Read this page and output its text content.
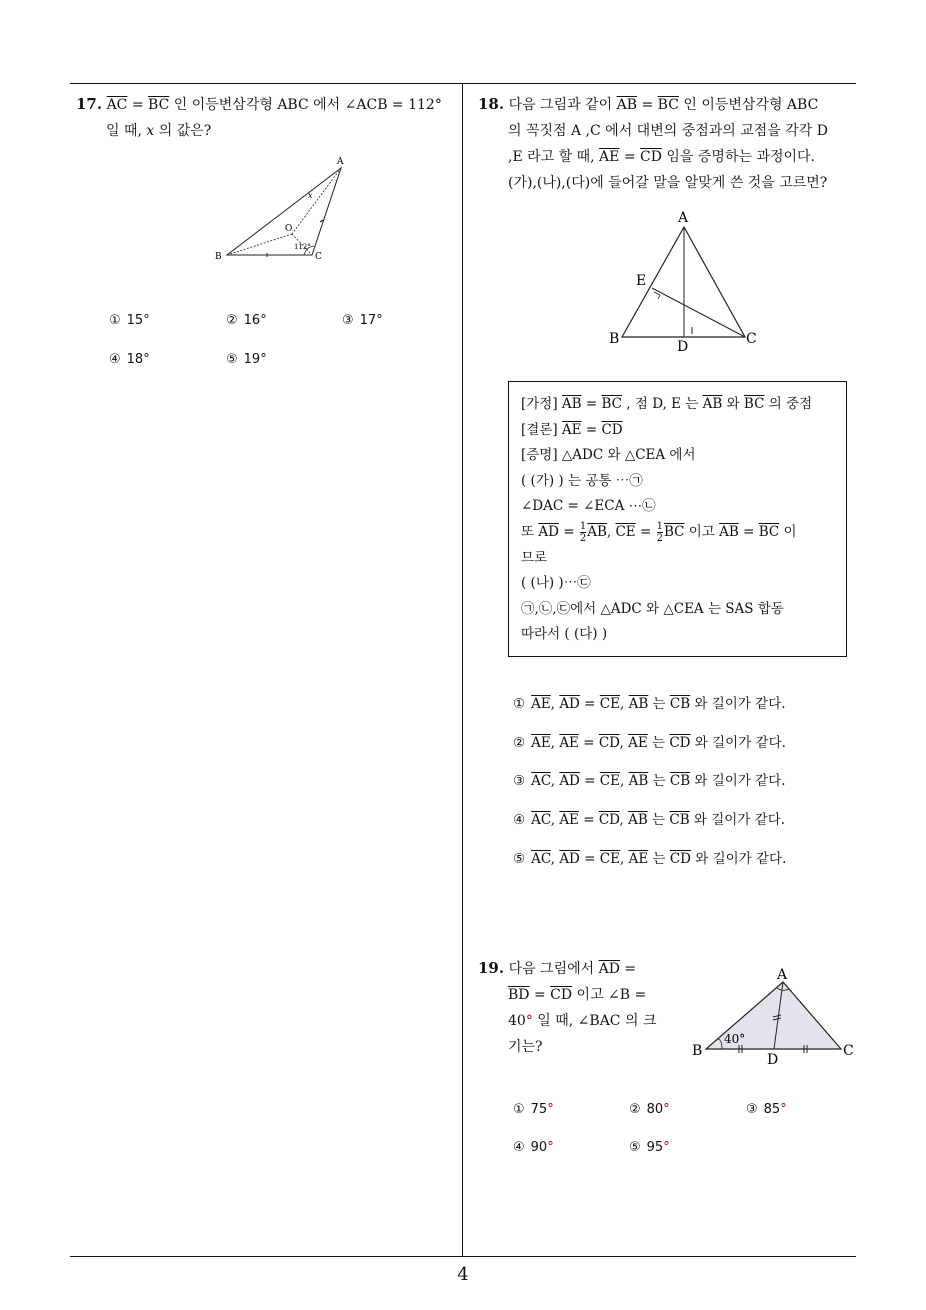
17. $\overline{AC} = \overline{BC}$ 인 이등변삼각형 ABC 에서 ∠ACB = 112°
일 때, x 의 값은?
A
B	C
O
x
112°
① 15°	② 16°	③ 17°
④ 18°	⑤ 19°
18. 다음 그림과 같이 $\overline{AB} = \overline{BC}$ 인 이등변삼각형 ABC
의 꼭짓점 A ,C 에서 대변의 중점과의 교점을 각각 D
,E 라고 할 때, $\overline{AE} = \overline{CD}$ 임을 증명하는 과정이다.
(가),(나),(다)에 들어갈 말을 알맞게 쓴 것을 고르면?
A
B	C
D
E
[가정] $\overline{AB} = \overline{BC}$ , 점 D, E 는 $\overline{AB}$ 와 $\overline{BC}$ 의 중점
[결론] $\overline{AE} = \overline{CD}$
[증명] △ADC 와 △CEA 에서
( (가) ) 는 공통 ⋯㉠
∠DAC = ∠ECA ⋯㉡
또 $\overline{AD} = \frac{1}{2} \overline{AB}$, $\overline{CE} = \frac{1}{2} \overline{BC}$ 이고 $\overline{AB} = \overline{BC}$ 이
므로
( (나) )⋯㉢
㉠,㉡,㉢에서 △ADC 와 △CEA 는 SAS 합동
따라서 ( (다) )
① $\overline{AE}$, $\overline{AD} = \overline{CE}$, $\overline{AB}$ 는 $\overline{CB}$ 와 길이가 같다.
② $\overline{AE}$, $\overline{AE} = \overline{CD}$, $\overline{AE}$ 는 $\overline{CD}$ 와 길이가 같다.
③ $\overline{AC}$, $\overline{AD} = \overline{CE}$, $\overline{AB}$ 는 $\overline{CB}$ 와 길이가 같다.
④ $\overline{AC}$, $\overline{AE} = \overline{CD}$, $\overline{AB}$ 는 $\overline{CB}$ 와 길이가 같다.
⑤ $\overline{AC}$, $\overline{AD} = \overline{CE}$, $\overline{AE}$ 는 $\overline{CD}$ 와 길이가 같다.
19. 다음 그림에서 $\overline{AD}$ =
$\overline{BD} = \overline{CD}$ 이고 ∠B =
40° 일 때, ∠BAC 의 크
기는?
A
B	C
D
40°
① 75°	② 80°	③ 85°
④ 90°	⑤ 95°
4
